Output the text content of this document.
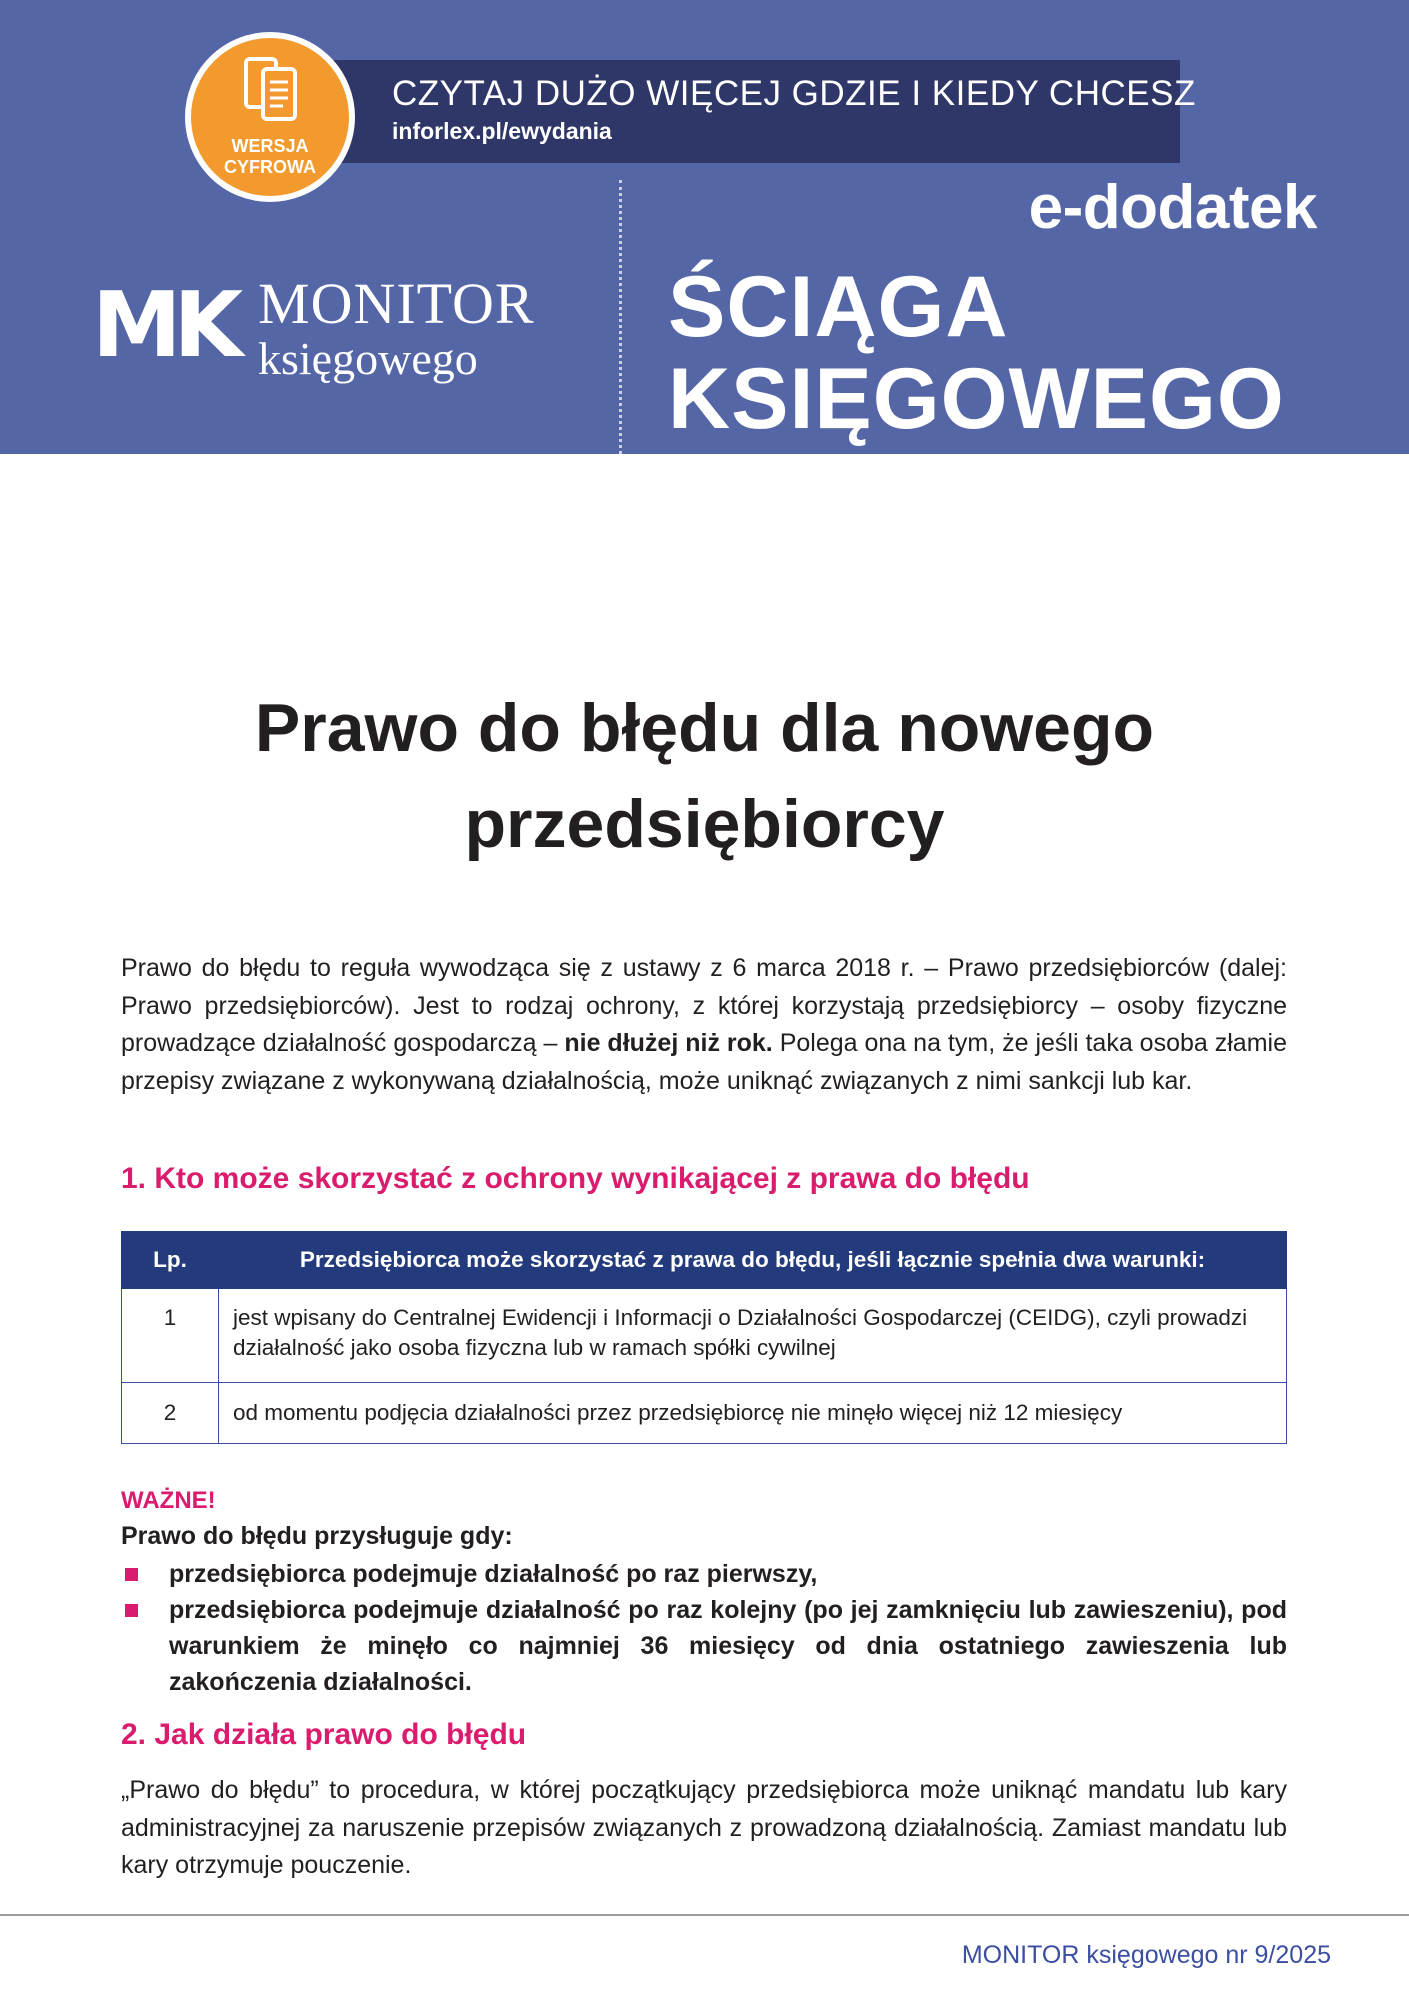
CZYTAJ DUŻO WIĘCEJ GDZIE I KIEDY CHCESZ
inforlex.pl/ewydania
WERSJA
CYFROWA
MK MONITOR
księgowego
e-dodatek
ŚCIĄGA
KSIĘGOWEGO
Prawo do błędu dla nowego przedsiębiorcy
Prawo do błędu to reguła wywodząca się z ustawy z 6 marca 2018 r. – Prawo przedsiębiorców (dalej: Prawo przedsiębiorców). Jest to rodzaj ochrony, z której korzystają przedsiębiorcy – osoby fizyczne prowadzące działalność gospodarczą – nie dłużej niż rok. Polega ona na tym, że jeśli taka osoba złamie przepisy związane z wykonywaną działalnością, może uniknąć związanych z nimi sankcji lub kar.
1. Kto może skorzystać z ochrony wynikającej z prawa do błędu
Lp.	Przedsiębiorca może skorzystać z prawa do błędu, jeśli łącznie spełnia dwa warunki:
1	jest wpisany do Centralnej Ewidencji i Informacji o Działalności Gospodarczej (CEIDG), czyli prowadzi działalność jako osoba fizyczna lub w ramach spółki cywilnej
2	od momentu podjęcia działalności przez przedsiębiorcę nie minęło więcej niż 12 miesięcy
WAŻNE!
Prawo do błędu przysługuje gdy:
przedsiębiorca podejmuje działalność po raz pierwszy,
przedsiębiorca podejmuje działalność po raz kolejny (po jej zamknięciu lub zawieszeniu), pod warunkiem że minęło co najmniej 36 miesięcy od dnia ostatniego zawieszenia lub zakończenia działalności.
2. Jak działa prawo do błędu
„Prawo do błędu” to procedura, w której początkujący przedsiębiorca może uniknąć mandatu lub kary administracyjnej za naruszenie przepisów związanych z prowadzoną działalnością. Zamiast mandatu lub kary otrzymuje pouczenie.
MONITOR księgowego nr 9/2025
